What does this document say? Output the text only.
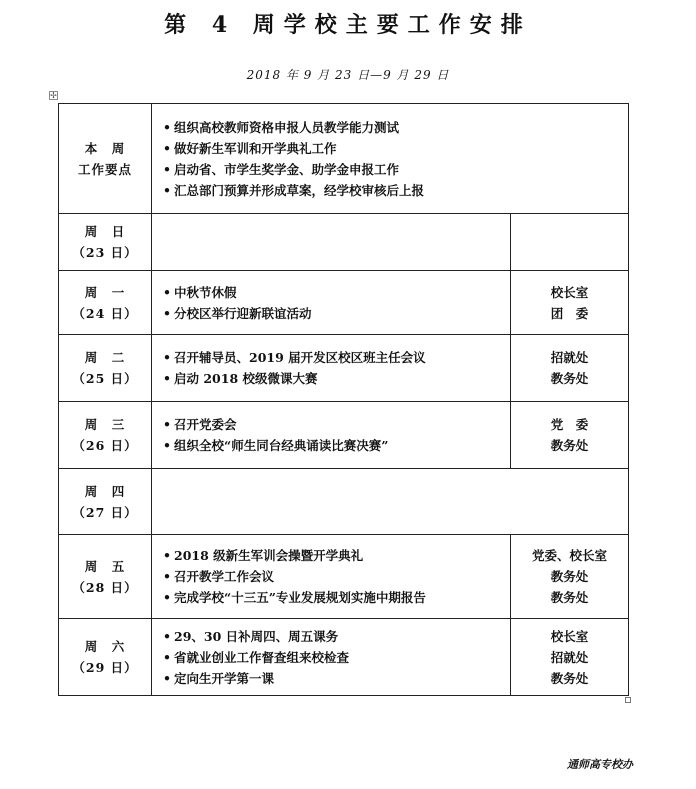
第 4 周学校主要工作安排
2018 年 9 月 23 日—9 月 29 日
✢
本　周
工作要点	• 组织高校教师资格申报人员教学能力测试
• 做好新生军训和开学典礼工作
• 启动省、市学生奖学金、助学金申报工作
• 汇总部门预算并形成草案，经学校审核后上报	

周　日
（23 日）		

周　一
（24 日）	• 中秋节休假
• 分校区举行迎新联谊活动	校长室
团　委

周　二
（25 日）	• 召开辅导员、2019 届开发区校区班主任会议
• 启动 2018 校级微课大赛	招就处
教务处

周　三
（26 日）	• 召开党委会
• 组织全校“师生同台经典诵读比赛决赛”	党　委
教务处

周　四
（27 日）		

周　五
（28 日）	• 2018 级新生军训会操暨开学典礼
• 召开教学工作会议
• 完成学校“十三五”专业发展规划实施中期报告	党委、校长室
教务处
教务处

周　六
（29 日）	• 29、30 日补周四、周五课务
• 省就业创业工作督查组来校检查
• 定向生开学第一课	校长室
招就处
教务处
通师高专校办
